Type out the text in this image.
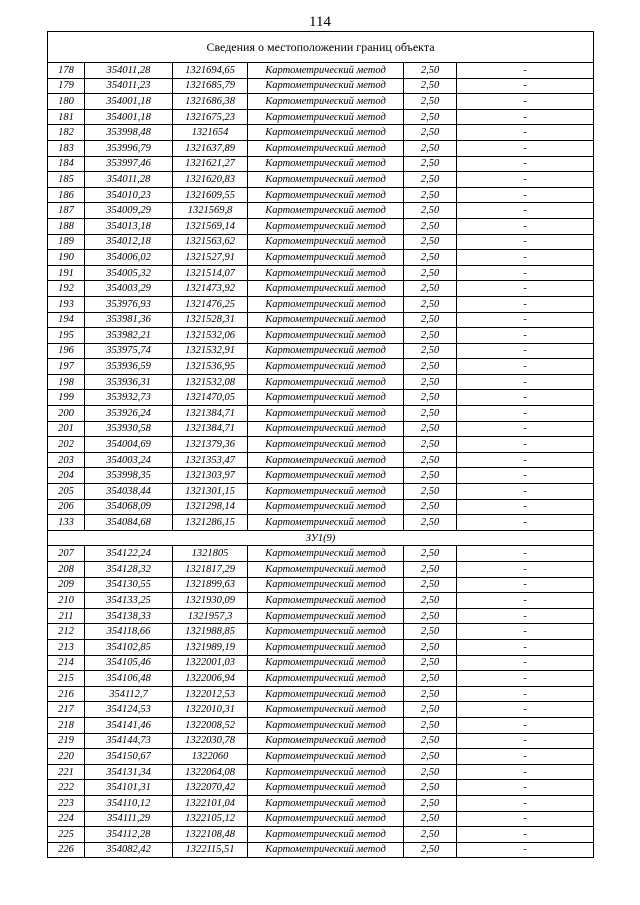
114
Сведения о местоположении границ объекта					
178	354011,28	1321694,65	Картометрический метод	2,50	-
179	354011,23	1321685,79	Картометрический метод	2,50	-
180	354001,18	1321686,38	Картометрический метод	2,50	-
181	354001,18	1321675,23	Картометрический метод	2,50	-
182	353998,48	1321654	Картометрический метод	2,50	-
183	353996,79	1321637,89	Картометрический метод	2,50	-
184	353997,46	1321621,27	Картометрический метод	2,50	-
185	354011,28	1321620,83	Картометрический метод	2,50	-
186	354010,23	1321609,55	Картометрический метод	2,50	-
187	354009,29	1321569,8	Картометрический метод	2,50	-
188	354013,18	1321569,14	Картометрический метод	2,50	-
189	354012,18	1321563,62	Картометрический метод	2,50	-
190	354006,02	1321527,91	Картометрический метод	2,50	-
191	354005,32	1321514,07	Картометрический метод	2,50	-
192	354003,29	1321473,92	Картометрический метод	2,50	-
193	353976,93	1321476,25	Картометрический метод	2,50	-
194	353981,36	1321528,31	Картометрический метод	2,50	-
195	353982,21	1321532,06	Картометрический метод	2,50	-
196	353975,74	1321532,91	Картометрический метод	2,50	-
197	353936,59	1321536,95	Картометрический метод	2,50	-
198	353936,31	1321532,08	Картометрический метод	2,50	-
199	353932,73	1321470,05	Картометрический метод	2,50	-
200	353926,24	1321384,71	Картометрический метод	2,50	-
201	353930,58	1321384,71	Картометрический метод	2,50	-
202	354004,69	1321379,36	Картометрический метод	2,50	-
203	354003,24	1321353,47	Картометрический метод	2,50	-
204	353998,35	1321303,97	Картометрический метод	2,50	-
205	354038,44	1321301,15	Картометрический метод	2,50	-
206	354068,09	1321298,14	Картометрический метод	2,50	-
133	354084,68	1321286,15	Картометрический метод	2,50	-
ЗУ1(9)					
207	354122,24	1321805	Картометрический метод	2,50	-
208	354128,32	1321817,29	Картометрический метод	2,50	-
209	354130,55	1321899,63	Картометрический метод	2,50	-
210	354133,25	1321930,09	Картометрический метод	2,50	-
211	354138,33	1321957,3	Картометрический метод	2,50	-
212	354118,66	1321988,85	Картометрический метод	2,50	-
213	354102,85	1321989,19	Картометрический метод	2,50	-
214	354105,46	1322001,03	Картометрический метод	2,50	-
215	354106,48	1322006,94	Картометрический метод	2,50	-
216	354112,7	1322012,53	Картометрический метод	2,50	-
217	354124,53	1322010,31	Картометрический метод	2,50	-
218	354141,46	1322008,52	Картометрический метод	2,50	-
219	354144,73	1322030,78	Картометрический метод	2,50	-
220	354150,67	1322060	Картометрический метод	2,50	-
221	354131,34	1322064,08	Картометрический метод	2,50	-
222	354101,31	1322070,42	Картометрический метод	2,50	-
223	354110,12	1322101,04	Картометрический метод	2,50	-
224	354111,29	1322105,12	Картометрический метод	2,50	-
225	354112,28	1322108,48	Картометрический метод	2,50	-
226	354082,42	1322115,51	Картометрический метод	2,50	-
